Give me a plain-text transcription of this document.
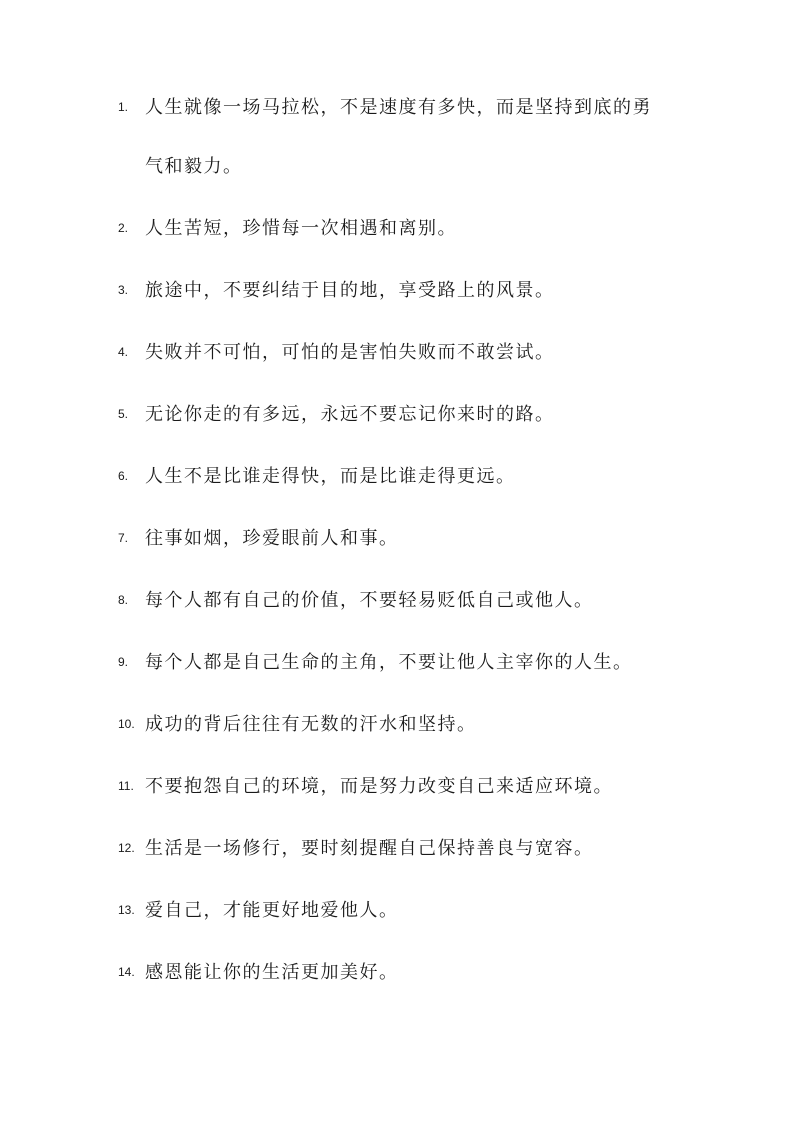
1. 人生就像一场马拉松，不是速度有多快，而是坚持到底的勇
气和毅力。
2. 人生苦短，珍惜每一次相遇和离别。
3. 旅途中，不要纠结于目的地，享受路上的风景。
4. 失败并不可怕，可怕的是害怕失败而不敢尝试。
5. 无论你走的有多远，永远不要忘记你来时的路。
6. 人生不是比谁走得快，而是比谁走得更远。
7. 往事如烟，珍爱眼前人和事。
8. 每个人都有自己的价值，不要轻易贬低自己或他人。
9. 每个人都是自己生命的主角，不要让他人主宰你的人生。
10. 成功的背后往往有无数的汗水和坚持。
11. 不要抱怨自己的环境，而是努力改变自己来适应环境。
12. 生活是一场修行，要时刻提醒自己保持善良与宽容。
13. 爱自己，才能更好地爱他人。
14. 感恩能让你的生活更加美好。
